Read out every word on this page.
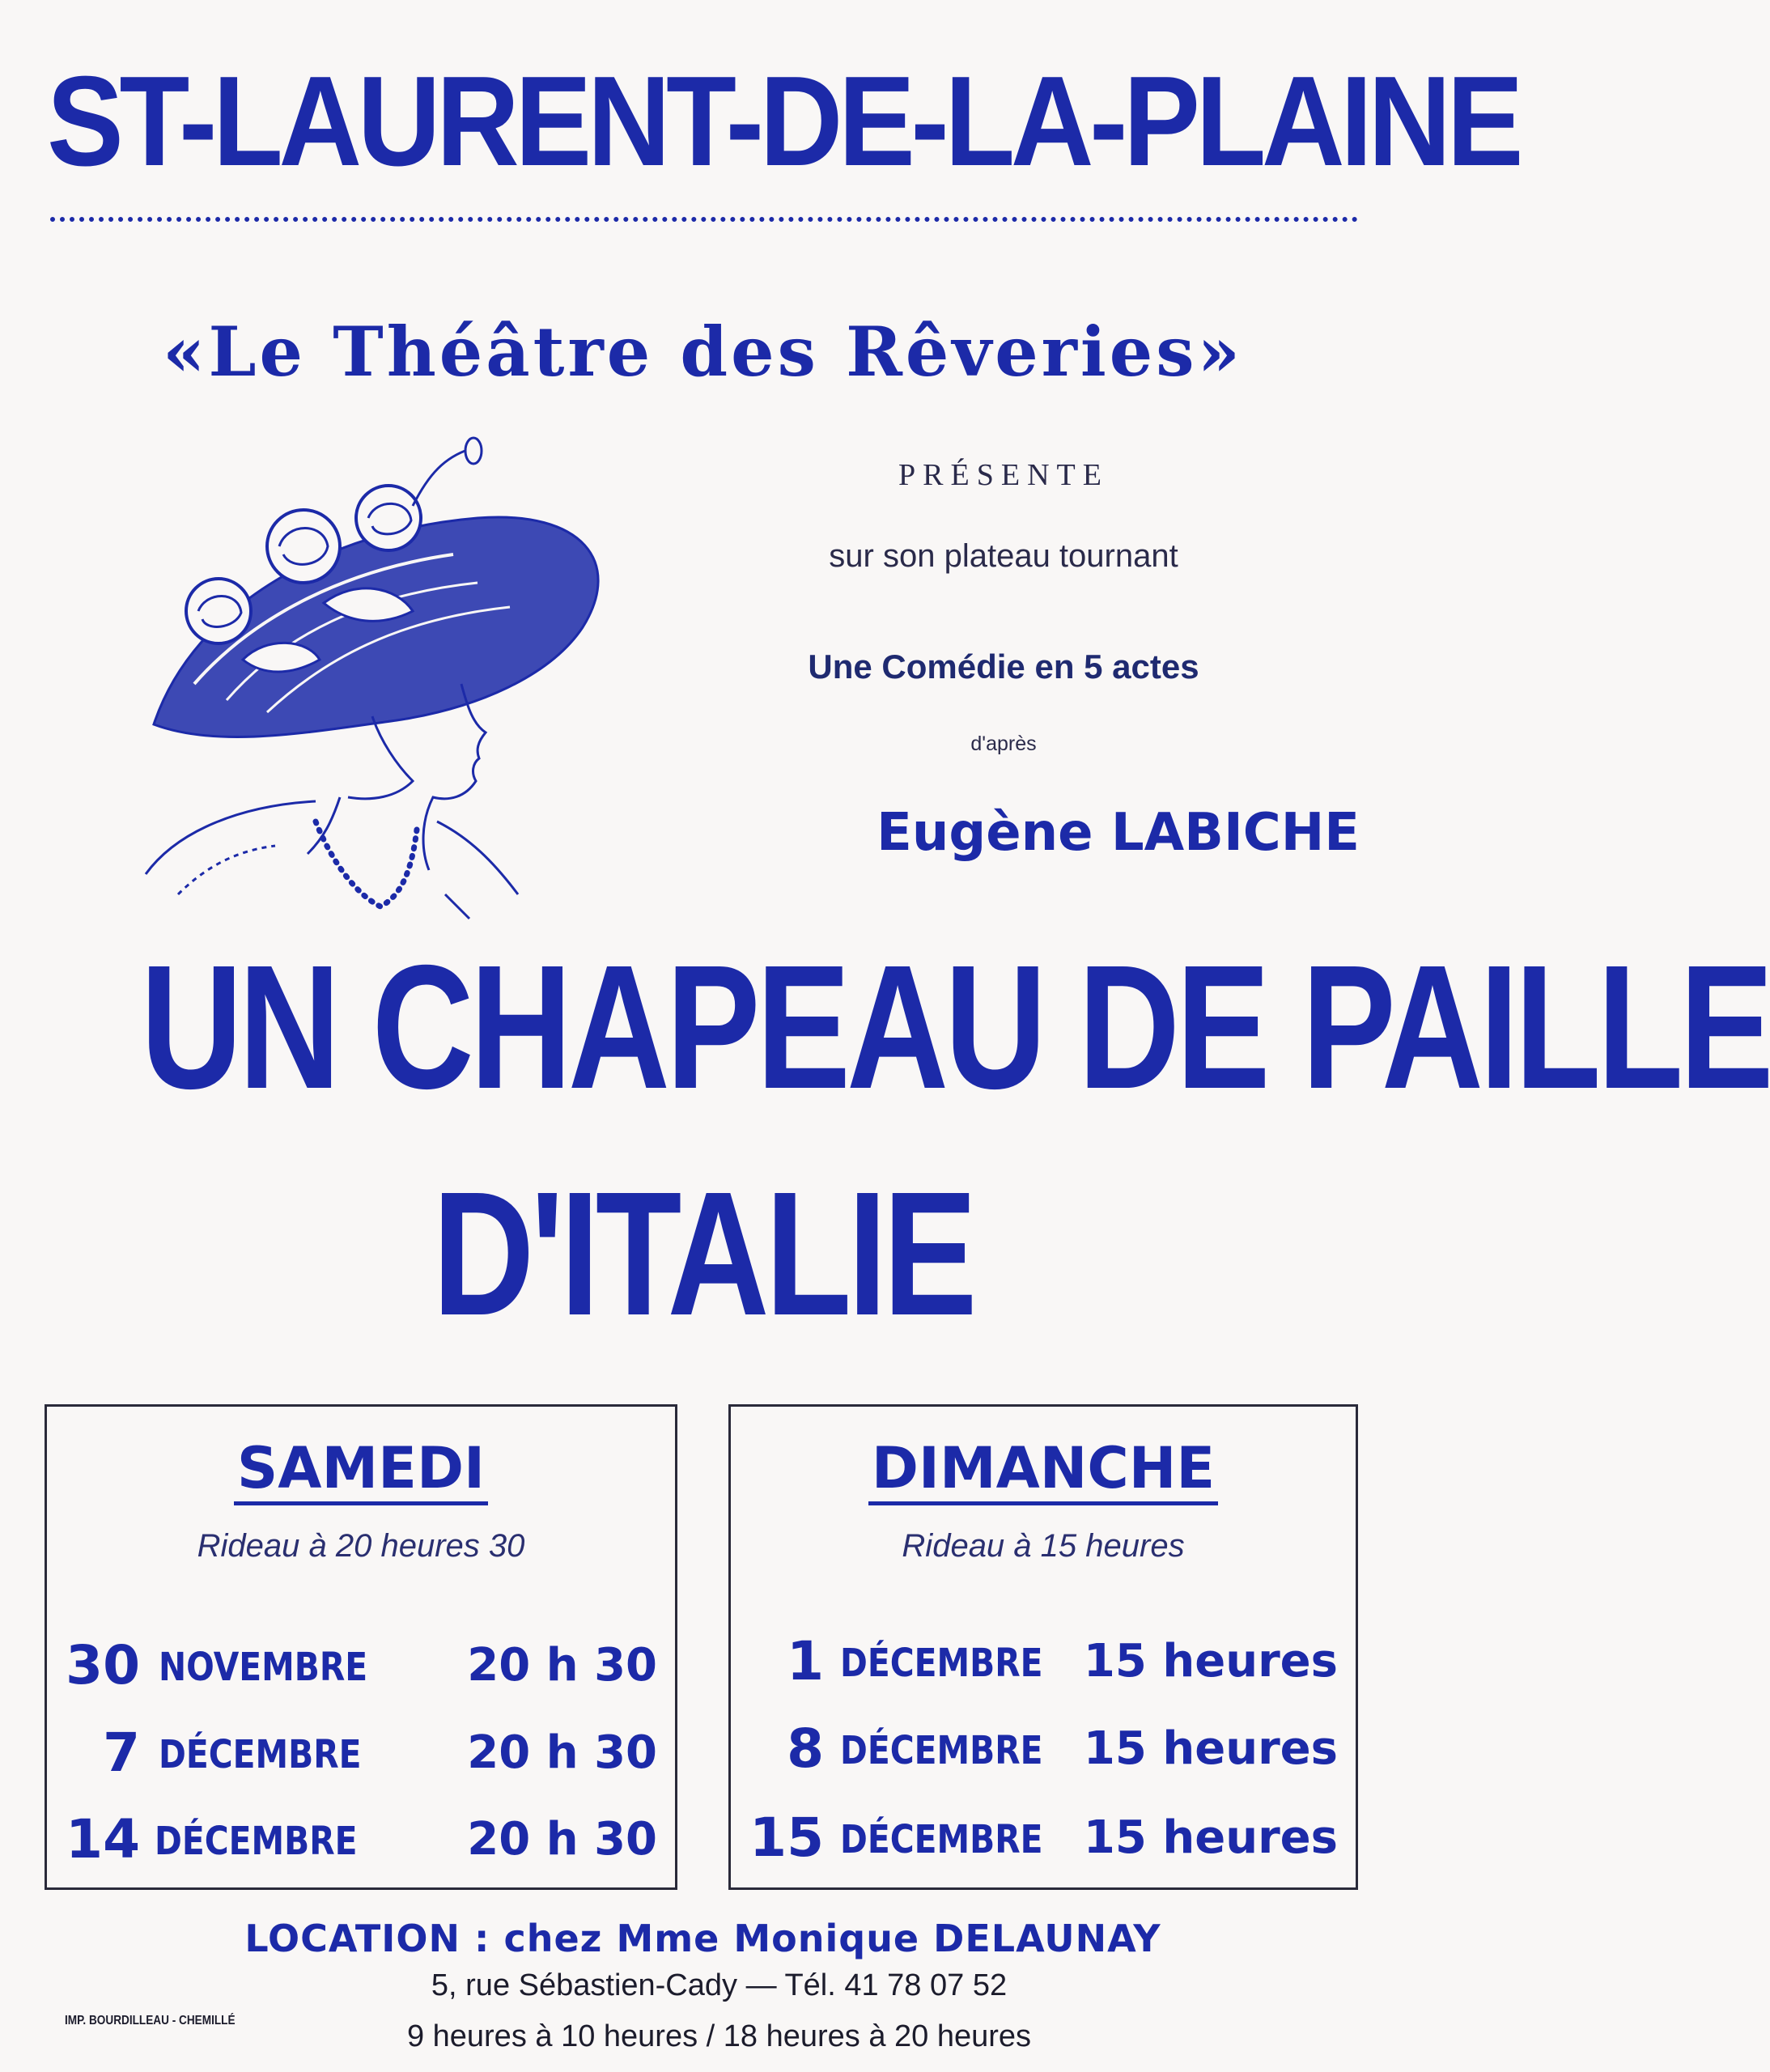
ST-LAURENT-DE-LA-PLAINE
«Le Théâtre des Rêveries»
PRÉSENTE
sur son plateau tournant
Une Comédie en 5 actes
d'après
Eugène LABICHE
UN CHAPEAU DE PAILLE
D'ITALIE
SAMEDI
Rideau à 20 heures 30
30 NOVEMBRE 20 h 30
7 DÉCEMBRE 20 h 30
14 DÉCEMBRE 20 h 30
DIMANCHE
Rideau à 15 heures
1 DÉCEMBRE 15 heures
8 DÉCEMBRE 15 heures
15 DÉCEMBRE 15 heures
LOCATION : chez Mme Monique DELAUNAY
5, rue Sébastien-Cady — Tél. 41 78 07 52
9 heures à 10 heures / 18 heures à 20 heures
IMP. BOURDILLEAU - CHEMILLÉ
